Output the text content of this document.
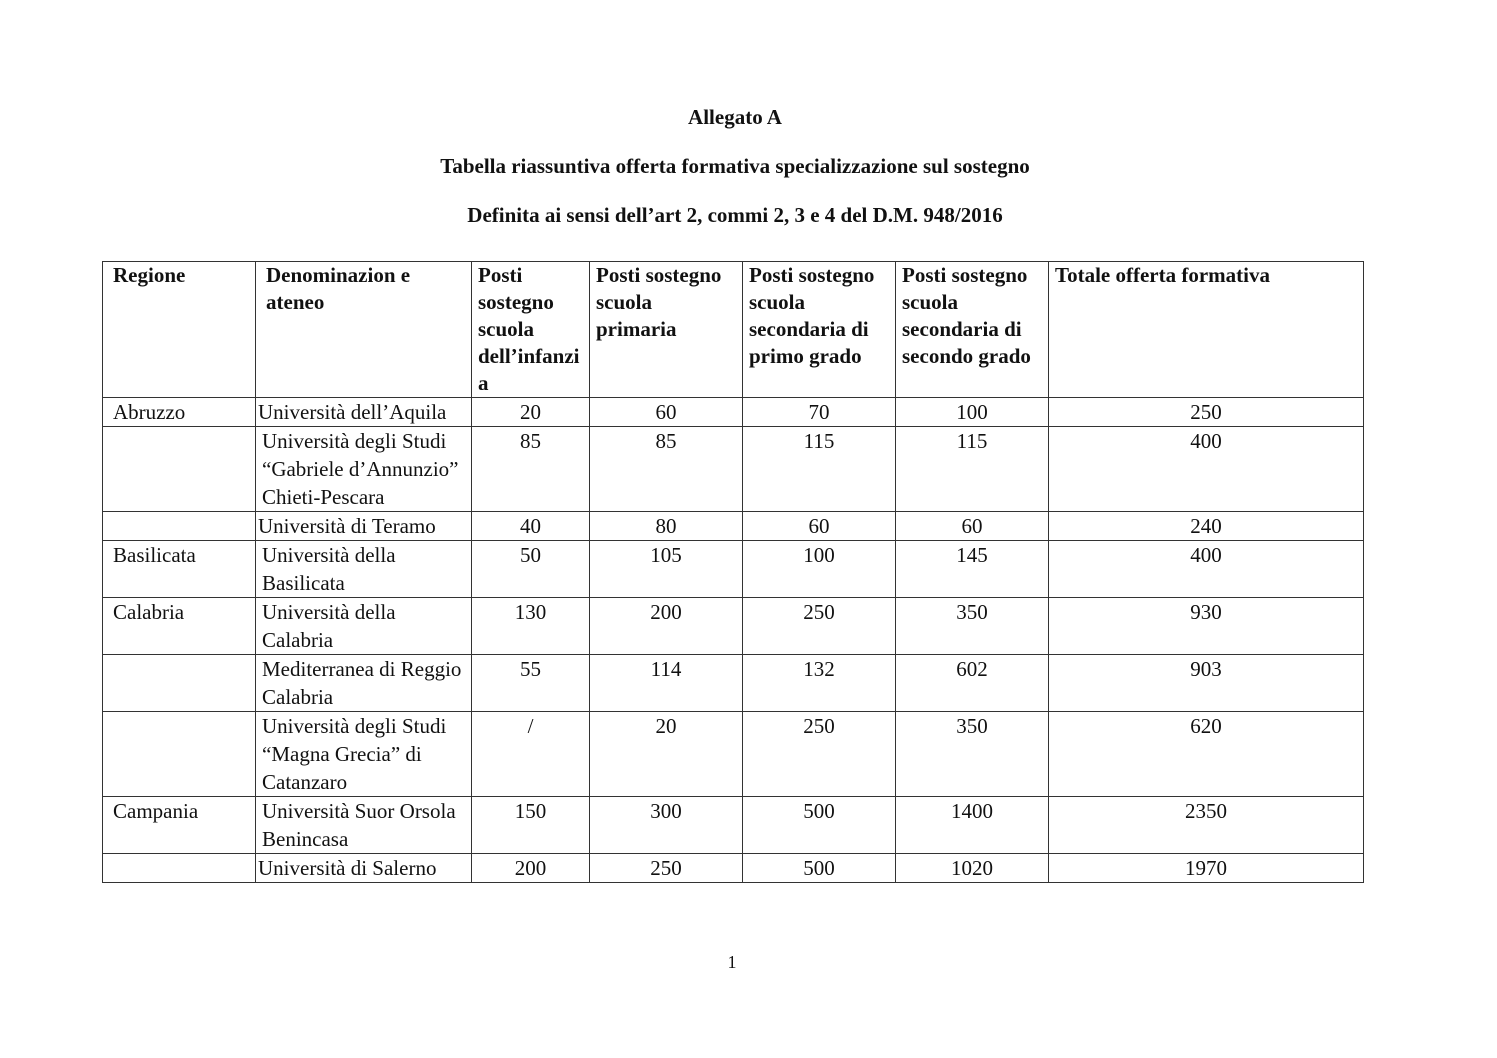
Allegato A
Tabella riassuntiva offerta formativa specializzazione sul sostegno
Definita ai sensi dell’art 2, commi 2, 3 e 4 del D.M. 948/2016
Regione	Denominazion e ateneo	Posti sostegno scuola dell’infanzi a	Posti sostegno scuola primaria	Posti sostegno scuola secondaria di primo grado	Posti sostegno scuola secondaria di secondo grado	Totale offerta formativa
Abruzzo	Università dell’Aquila	20	60	70	100	250
	Università degli Studi “Gabriele d’Annunzio” Chieti-Pescara	85	85	115	115	400
	Università di Teramo	40	80	60	60	240
Basilicata	Università della Basilicata	50	105	100	145	400
Calabria	Università della Calabria	130	200	250	350	930
	Mediterranea di Reggio Calabria	55	114	132	602	903
	Università degli Studi “Magna Grecia” di Catanzaro	/	20	250	350	620
Campania	Università Suor Orsola Benincasa	150	300	500	1400	2350
	Università di Salerno	200	250	500	1020	1970
1
